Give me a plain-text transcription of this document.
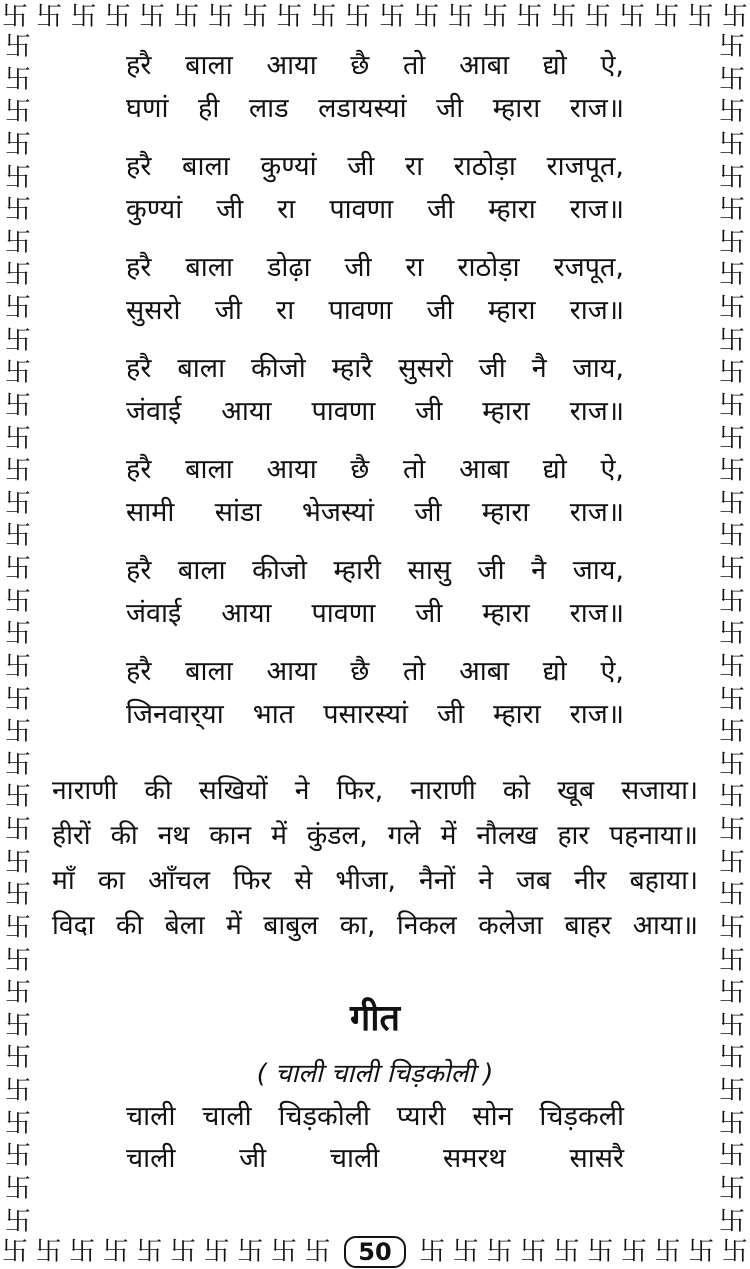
卐 卐 卐 卐 卐 卐 卐 卐 卐 卐 卐 卐 卐 卐 卐 卐 卐 卐 卐 卐 卐 卐
卐
卐
卐
卐
卐
卐
卐
卐
卐
卐
卐
卐
卐
卐
卐
卐
卐
卐
卐
卐
卐
卐
卐
卐
卐
卐
卐
卐
卐
卐
卐
卐
卐
卐
卐
卐
卐
卐
卐
卐
卐
卐
卐
卐
卐
卐
卐
卐
卐
卐
卐
卐
卐
卐
卐
卐
卐
卐
卐
卐
卐
卐
卐
卐
卐
卐
卐
卐
卐
卐
卐
卐
卐
卐
卐 卐 卐 卐 卐 卐 卐 卐 卐 卐	50	卐 卐 卐 卐 卐 卐 卐 卐 卐 卐
हरै बाला आया छै तो आबा द्यो ऐ,
घणां ही लाड लडायस्यां जी म्हारा राज॥
हरै बाला कुण्यां जी रा राठोड़ा राजपूत,
कुण्यां जी रा पावणा जी म्हारा राज॥
हरै बाला डोढ़ा जी रा राठोड़ा रजपूत,
सुसरो जी रा पावणा जी म्हारा राज॥
हरै बाला कीजो म्हारै सुसरो जी नै जाय,
जंवाई आया पावणा जी म्हारा राज॥
हरै बाला आया छै तो आबा द्यो ऐ,
सामी सांडा भेजस्यां जी म्हारा राज॥
हरै बाला कीजो म्हारी सासु जी नै जाय,
जंवाई आया पावणा जी म्हारा राज॥
हरै बाला आया छै तो आबा द्यो ऐ,
जिनवार्‌या भात पसारस्यां जी म्हारा राज॥
नाराणी की सखियों ने फिर, नाराणी को खूब सजाया।
हीरों की नथ कान में कुंडल, गले में नौलख हार पहनाया॥
माँ का आँचल फिर से भीजा, नैनों ने जब नीर बहाया।
विदा की बेला में बाबुल का, निकल कलेजा बाहर आया॥
गीत
( चाली चाली चिड़कोली )
चाली चाली चिड़कोली प्यारी सोन चिड़कली
चाली जी चाली समरथ सासरै
